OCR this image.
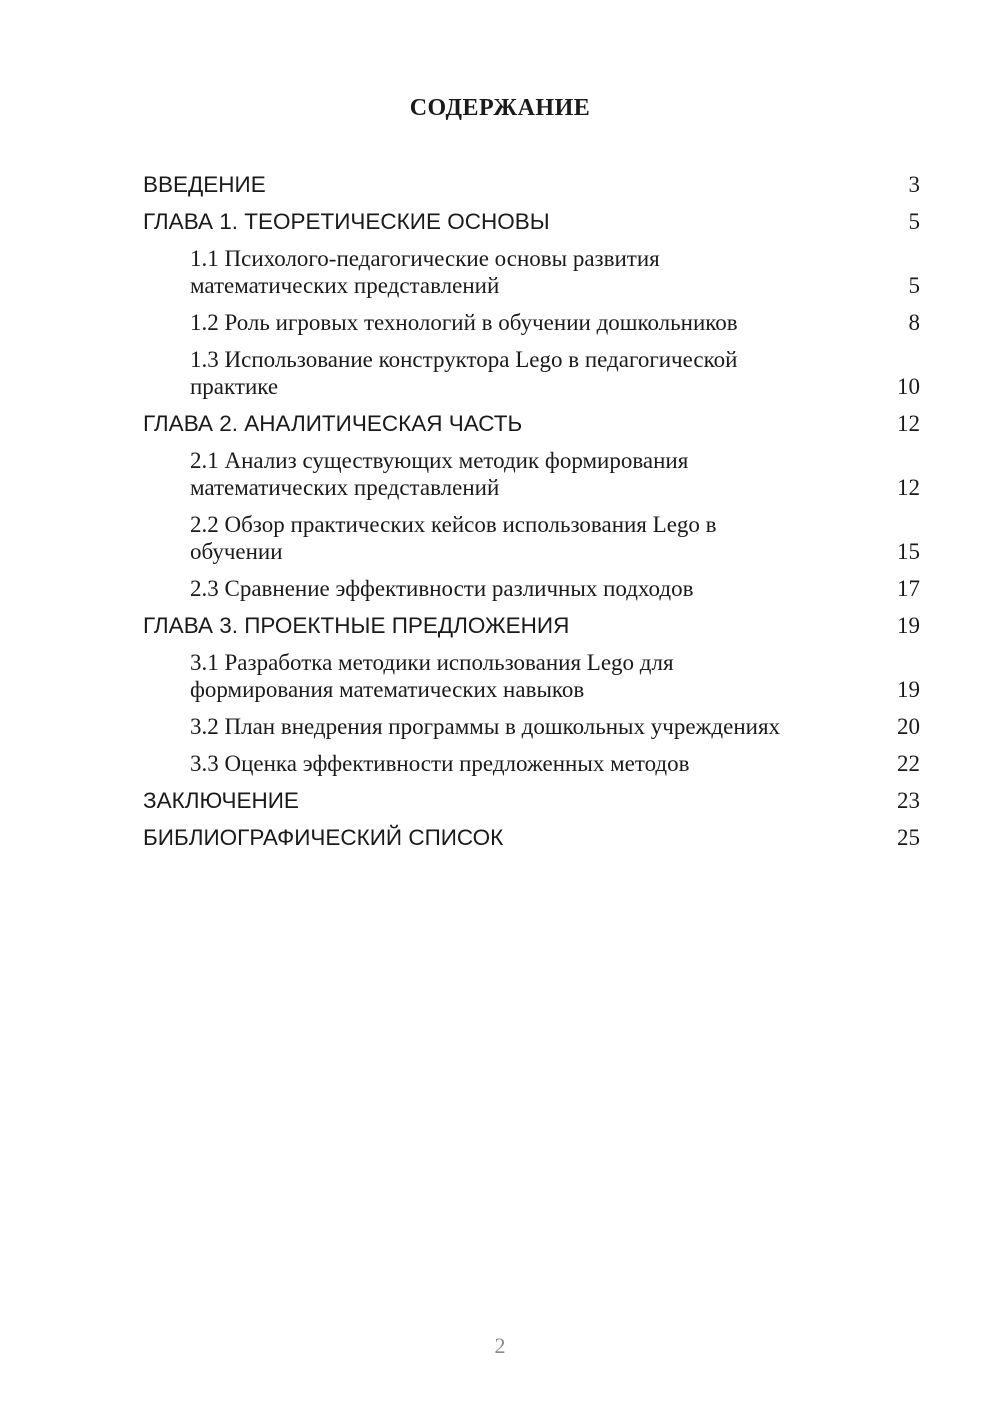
СОДЕРЖАНИЕ
ВВЕДЕНИЕ	3
ГЛАВА 1. ТЕОРЕТИЧЕСКИЕ ОСНОВЫ	5
1.1 Психолого-педагогические основы развития математических представлений	5
1.2 Роль игровых технологий в обучении дошкольников	8
1.3 Использование конструктора Lego в педагогической практике	10
ГЛАВА 2. АНАЛИТИЧЕСКАЯ ЧАСТЬ	12
2.1 Анализ существующих методик формирования математических представлений	12
2.2 Обзор практических кейсов использования Lego в обучении	15
2.3 Сравнение эффективности различных подходов	17
ГЛАВА 3. ПРОЕКТНЫЕ ПРЕДЛОЖЕНИЯ	19
3.1 Разработка методики использования Lego для формирования математических навыков	19
3.2 План внедрения программы в дошкольных учреждениях	20
3.3 Оценка эффективности предложенных методов	22
ЗАКЛЮЧЕНИЕ	23
БИБЛИОГРАФИЧЕСКИЙ СПИСОК	25
2
